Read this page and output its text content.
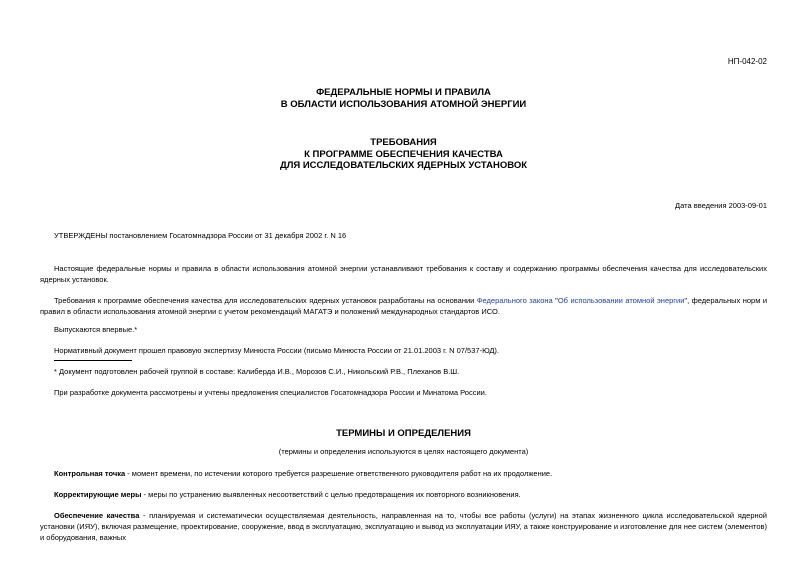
НП-042-02
ФЕДЕРАЛЬНЫЕ НОРМЫ И ПРАВИЛА
В ОБЛАСТИ ИСПОЛЬЗОВАНИЯ АТОМНОЙ ЭНЕРГИИ
ТРЕБОВАНИЯ
К ПРОГРАММЕ ОБЕСПЕЧЕНИЯ КАЧЕСТВА
ДЛЯ ИССЛЕДОВАТЕЛЬСКИХ ЯДЕРНЫХ УСТАНОВОК
Дата введения 2003-09-01
УТВЕРЖДЕНЫ постановлением Госатомнадзора России от 31 декабря 2002 г. N 16
Настоящие федеральные нормы и правила в области использования атомной энергии устанавливают требования к составу и содержанию программы обеспечения качества для исследовательских ядерных установок.
Требования к программе обеспечения качества для исследовательских ядерных установок разработаны на основании Федерального закона "Об использовании атомной энергии", федеральных норм и правил в области использования атомной энергии с учетом рекомендаций МАГАТЭ и положений международных стандартов ИСО.
Выпускаются впервые.*
Нормативный документ прошел правовую экспертизу Минюста России (письмо Минюста России от 21.01.2003 г. N 07/537-ЮД).
* Документ подготовлен рабочей группой в составе: Калиберда И.В., Морозов С.И., Никольский Р.В., Плеханов В.Ш.
При разработке документа рассмотрены и учтены предложения специалистов Госатомнадзора России и Минатома России.
ТЕРМИНЫ И ОПРЕДЕЛЕНИЯ
(термины и определения используются в целях настоящего документа)
Контрольная точка - момент времени, по истечении которого требуется разрешение ответственного руководителя работ на их продолжение.
Корректирующие меры - меры по устранению выявленных несоответствий с целью предотвращения их повторного возникновения.
Обеспечение качества - планируемая и систематически осуществляемая деятельность, направленная на то, чтобы все работы (услуги) на этапах жизненного цикла исследовательской ядерной установки (ИЯУ), включая размещение, проектирование, сооружение, ввод в эксплуатацию, эксплуатацию и вывод из эксплуатации ИЯУ, а также конструирование и изготовление для нее систем (элементов) и оборудования, важных
